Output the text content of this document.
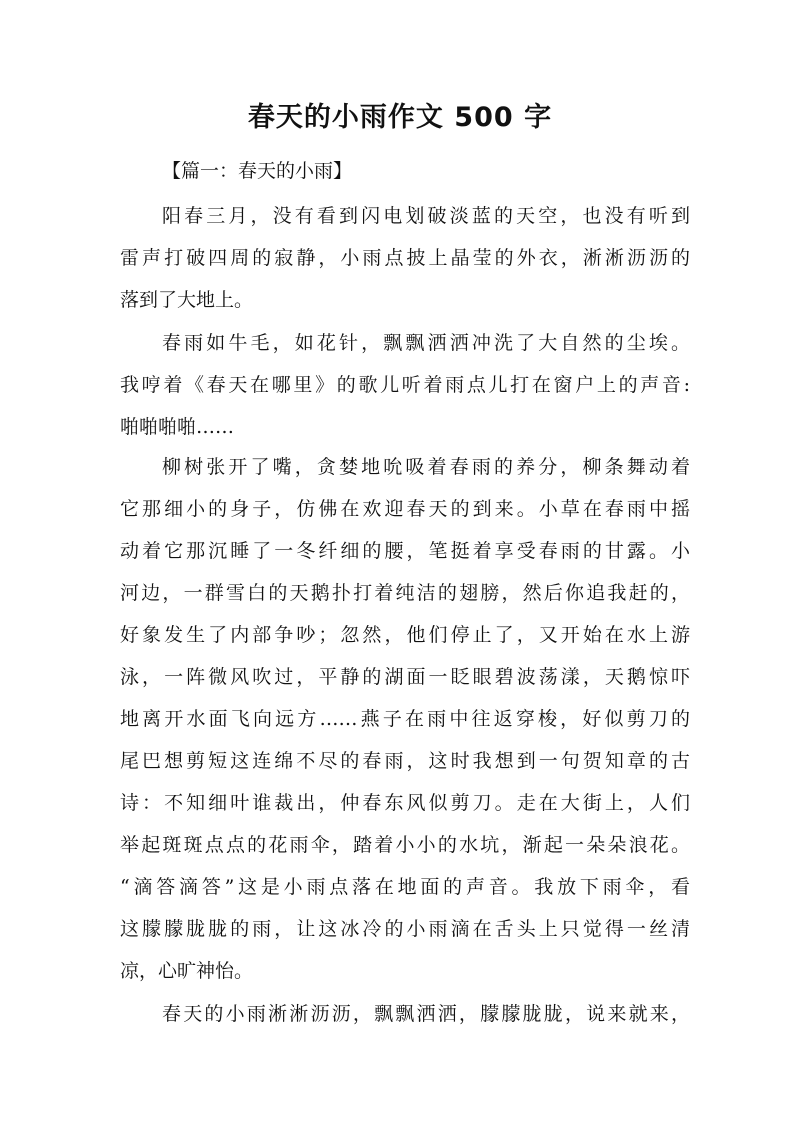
春天的小雨作文 500 字
【篇一：春天的小雨】
阳春三月，没有看到闪电划破淡蓝的天空，也没有听到
雷声打破四周的寂静，小雨点披上晶莹的外衣，淅淅沥沥的
落到了大地上。
春雨如牛毛，如花针，飘飘洒洒冲洗了大自然的尘埃。
我哼着《春天在哪里》的歌儿听着雨点儿打在窗户上的声音:
啪啪啪啪……
柳树张开了嘴，贪婪地吮吸着春雨的养分，柳条舞动着
它那细小的身子，仿佛在欢迎春天的到来。小草在春雨中摇
动着它那沉睡了一冬纤细的腰，笔挺着享受春雨的甘露。小
河边，一群雪白的天鹅扑打着纯洁的翅膀，然后你追我赶的，
好象发生了内部争吵；忽然，他们停止了，又开始在水上游
泳，一阵微风吹过，平静的湖面一眨眼碧波荡漾，天鹅惊吓
地离开水面飞向远方……燕子在雨中往返穿梭，好似剪刀的
尾巴想剪短这连绵不尽的春雨，这时我想到一句贺知章的古
诗：不知细叶谁裁出，仲春东风似剪刀。走在大街上，人们
举起斑斑点点的花雨伞，踏着小小的水坑，渐起一朵朵浪花。
“滴答滴答”这是小雨点落在地面的声音。我放下雨伞，看
这朦朦胧胧的雨，让这冰冷的小雨滴在舌头上只觉得一丝清
凉，心旷神怡。
春天的小雨淅淅沥沥，飘飘洒洒，朦朦胧胧，说来就来，
